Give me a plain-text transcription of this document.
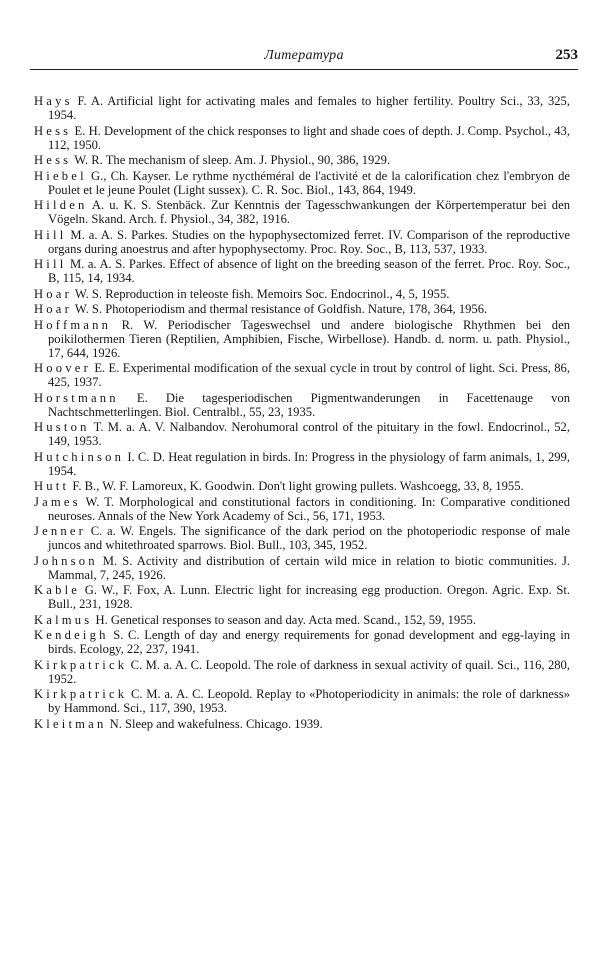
Литература	253

Hays F. A. Artificial light for activating males and females to higher fertility. Poultry Sci., 33, 325, 1954.

Hess E. H. Development of the chick responses to light and shade coes of depth. J. Comp. Psychol., 43, 112, 1950.

Hess W. R. The mechanism of sleep. Am. J. Physiol., 90, 386, 1929.

Hiebel G., Ch. Kayser. Le rythme nycthéméral de l'activité et de la calorification chez l'embryon de Poulet et le jeune Poulet (Light sussex). C. R. Soc. Biol., 143, 864, 1949.

Hilden A. u. K. S. Stenbäck. Zur Kenntnis der Tagesschwankungen der Körpertemperatur bei den Vögeln. Skand. Arch. f. Physiol., 34, 382, 1916.

Hill M. a. A. S. Parkes. Studies on the hypophysectomized ferret. IV. Comparison of the reproductive organs during anoestrus and after hypophysectomy. Proc. Roy. Soc., B, 113, 537, 1933.

Hill M. a. A. S. Parkes. Effect of absence of light on the breeding season of the ferret. Proc. Roy. Soc., B, 115, 14, 1934.

Hoar W. S. Reproduction in teleoste fish. Memoirs Soc. Endocrinol., 4, 5, 1955.

Hoar W. S. Photoperiodism and thermal resistance of Goldfish. Nature, 178, 364, 1956.

Hoffmann R. W. Periodischer Tageswechsel und andere biologische Rhythmen bei den poikilothermen Tieren (Reptilien, Amphibien, Fische, Wirbellose). Handb. d. norm. u. path. Physiol., 17, 644, 1926.

Hoover E. E. Experimental modification of the sexual cycle in trout by control of light. Sci. Press, 86, 425, 1937.

Horstmann E. Die tagesperiodischen Pigmentwanderungen in Facettenauge von Nachtschmetterlingen. Biol. Centralbl., 55, 23, 1935.

Huston T. M. a. A. V. Nalbandov. Nerohumoral control of the pituitary in the fowl. Endocrinol., 52, 149, 1953.

Hutchinson I. C. D. Heat regulation in birds. In: Progress in the physiology of farm animals, 1, 299, 1954.

Hutt F. B., W. F. Lamoreux, K. Goodwin. Don't light growing pullets. Washcoegg, 33, 8, 1955.

James W. T. Morphological and constitutional factors in conditioning. In: Comparative conditioned neuroses. Annals of the New York Academy of Sci., 56, 171, 1953.

Jenner C. a. W. Engels. The significance of the dark period on the photoperiodic response of male juncos and whitethroated sparrows. Biol. Bull., 103, 345, 1952.

Johnson M. S. Activity and distribution of certain wild mice in relation to biotic communities. J. Mammal, 7, 245, 1926.

Kable G. W., F. Fox, A. Lunn. Electric light for increasing egg production. Oregon. Agric. Exp. St. Bull., 231, 1928.

Kalmus H. Genetical responses to season and day. Acta med. Scand., 152, 59, 1955.

Kendeigh S. C. Length of day and energy requirements for gonad development and egg-laying in birds. Ecology, 22, 237, 1941.

Kirkpatrick C. M. a. A. C. Leopold. The role of darkness in sexual activity of quail. Sci., 116, 280, 1952.

Kirkpatrick C. M. a. A. C. Leopold. Replay to «Photoperiodicity in animals: the role of darkness» by Hammond. Sci., 117, 390, 1953.

Kleitman N. Sleep and wakefulness. Chicago. 1939.
